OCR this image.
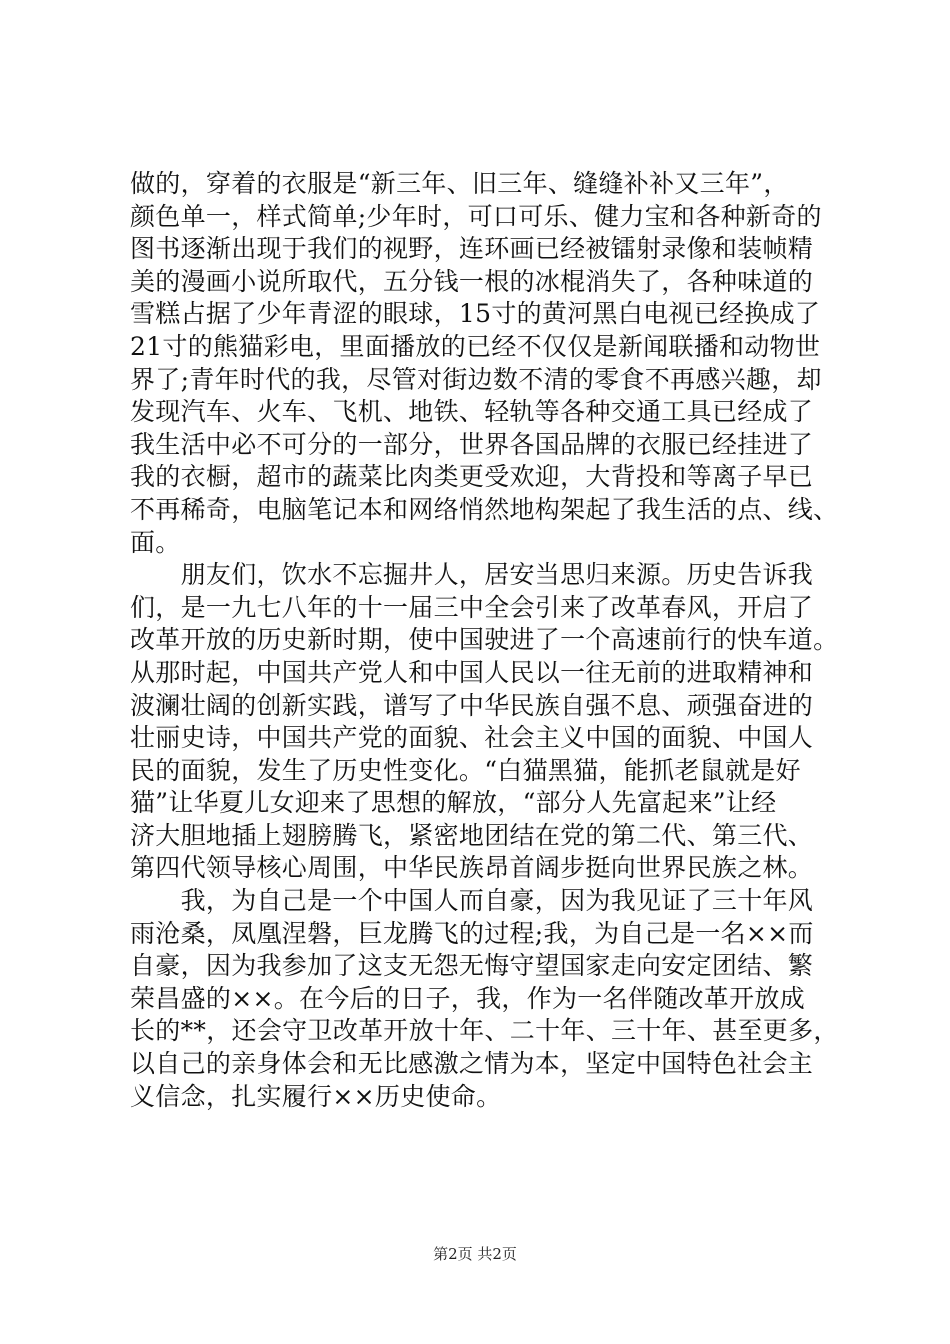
做的，穿着的衣服是“新三年、旧三年、缝缝补补又三年”，
颜色单一，样式简单;少年时，可口可乐、健力宝和各种新奇的
图书逐渐出现于我们的视野，连环画已经被镭射录像和装帧精
美的漫画小说所取代，五分钱一根的冰棍消失了，各种味道的
雪糕占据了少年青涩的眼球，15寸的黄河黑白电视已经换成了
21寸的熊猫彩电，里面播放的已经不仅仅是新闻联播和动物世
界了;青年时代的我，尽管对街边数不清的零食不再感兴趣，却
发现汽车、火车、飞机、地铁、轻轨等各种交通工具已经成了
我生活中必不可分的一部分，世界各国品牌的衣服已经挂进了
我的衣橱，超市的蔬菜比肉类更受欢迎，大背投和等离子早已
不再稀奇，电脑笔记本和网络悄然地构架起了我生活的点、线、
面。
　　朋友们，饮水不忘掘井人，居安当思归来源。历史告诉我
们，是一九七八年的十一届三中全会引来了改革春风，开启了
改革开放的历史新时期，使中国驶进了一个高速前行的快车道。
从那时起，中国共产党人和中国人民以一往无前的进取精神和
波澜壮阔的创新实践，谱写了中华民族自强不息、顽强奋进的
壮丽史诗，中国共产党的面貌、社会主义中国的面貌、中国人
民的面貌，发生了历史性变化。“白猫黑猫，能抓老鼠就是好
猫”让华夏儿女迎来了思想的解放，“部分人先富起来”让经
济大胆地插上翅膀腾飞，紧密地团结在党的第二代、第三代、
第四代领导核心周围，中华民族昂首阔步挺向世界民族之林。
　　我，为自己是一个中国人而自豪，因为我见证了三十年风
雨沧桑，凤凰涅磐，巨龙腾飞的过程;我，为自己是一名××而
自豪，因为我参加了这支无怨无悔守望国家走向安定团结、繁
荣昌盛的××。在今后的日子，我，作为一名伴随改革开放成
长的**，还会守卫改革开放十年、二十年、三十年、甚至更多，
以自己的亲身体会和无比感激之情为本，坚定中国特色社会主
义信念，扎实履行××历史使命。
第2页 共2页
